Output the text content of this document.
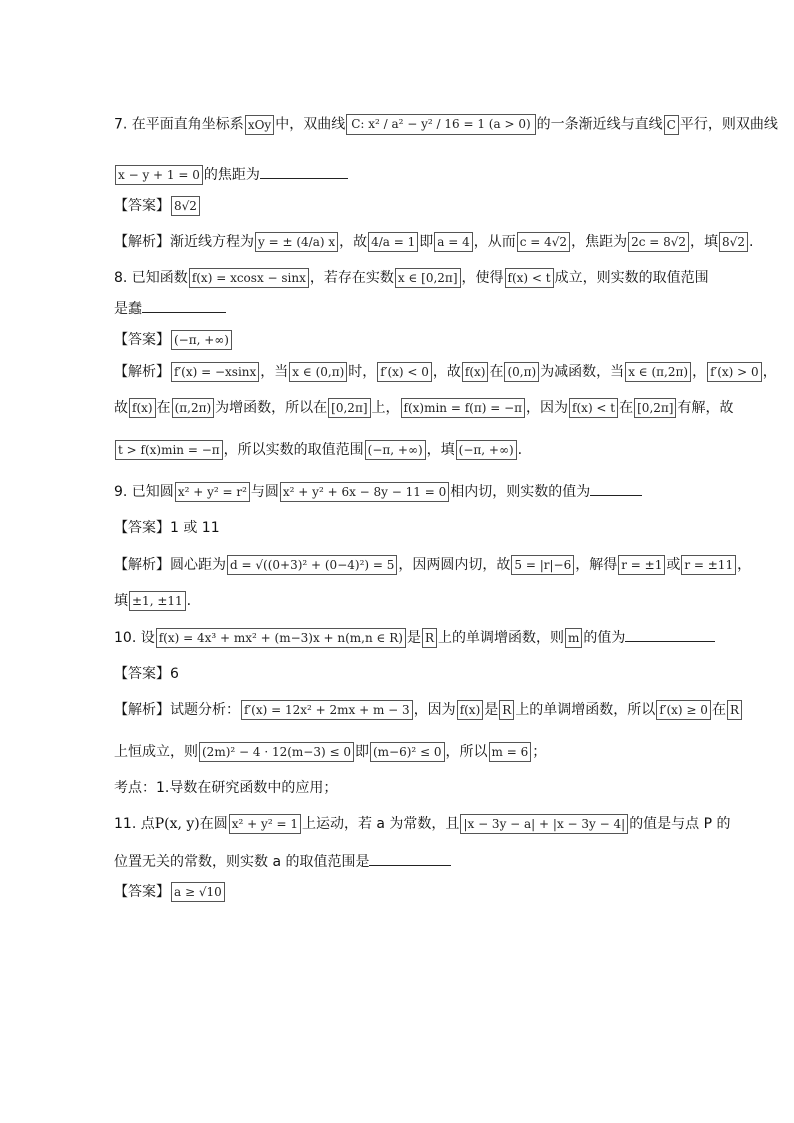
7. 在平面直角坐标系 xOy 中，双曲线 C: x² / a² − y² / 16 = 1 (a > 0) 的一条渐近线与直线 C 平行，则双曲线
x − y + 1 = 0 的焦距为
【答案】 8√2
【解析】渐近线方程为 y = ± (4/a) x ，故 4/a = 1 即 a = 4 ，从而 c = 4√2 ，焦距为 2c = 8√2 ，填 8√2 .
8. 已知函数 f(x) = xcosx − sinx ，若存在实数 x ∈ [0,2π] ，使得 f(x) < t 成立，则实数的取值范围
是蠢
【答案】 (−π, +∞)
【解析】 f′(x) = −xsinx ，当 x ∈ (0,π) 时， f′(x) < 0 ，故 f(x) 在 (0,π) 为减函数，当 x ∈ (π,2π) ， f′(x) > 0 ，
故 f(x) 在 (π,2π) 为增函数，所以在 [0,2π] 上， f(x)min = f(π) = −π ，因为 f(x) < t 在 [0,2π] 有解，故
t > f(x)min = −π ，所以实数的取值范围 (−π, +∞) ，填 (−π, +∞) .
9. 已知圆 x² + y² = r² 与圆 x² + y² + 6x − 8y − 11 = 0 相内切，则实数的值为
【答案】1 或 11
【解析】圆心距为 d = √((0+3)² + (0−4)²) = 5 ，因两圆内切，故 5 = |r|−6 ，解得 r = ±1 或 r = ±11 ，
填 ±1, ±11 .
10. 设 f(x) = 4x³ + mx² + (m−3)x + n(m,n ∈ R) 是 R 上的单调增函数，则 m 的值为
【答案】6
【解析】试题分析： f′(x) = 12x² + 2mx + m − 3 ，因为 f(x) 是 R 上的单调增函数，所以 f′(x) ≥ 0 在 R
上恒成立，则 (2m)² − 4 · 12(m−3) ≤ 0 即 (m−6)² ≤ 0 ，所以 m = 6 ；
考点：1.导数在研究函数中的应用；
11. 点P(x, y)在圆 x² + y² = 1 上运动，若 a 为常数，且 |x − 3y − a| + |x − 3y − 4| 的值是与点 P 的
位置无关的常数，则实数 a 的取值范围是
【答案】 a ≥ √10
